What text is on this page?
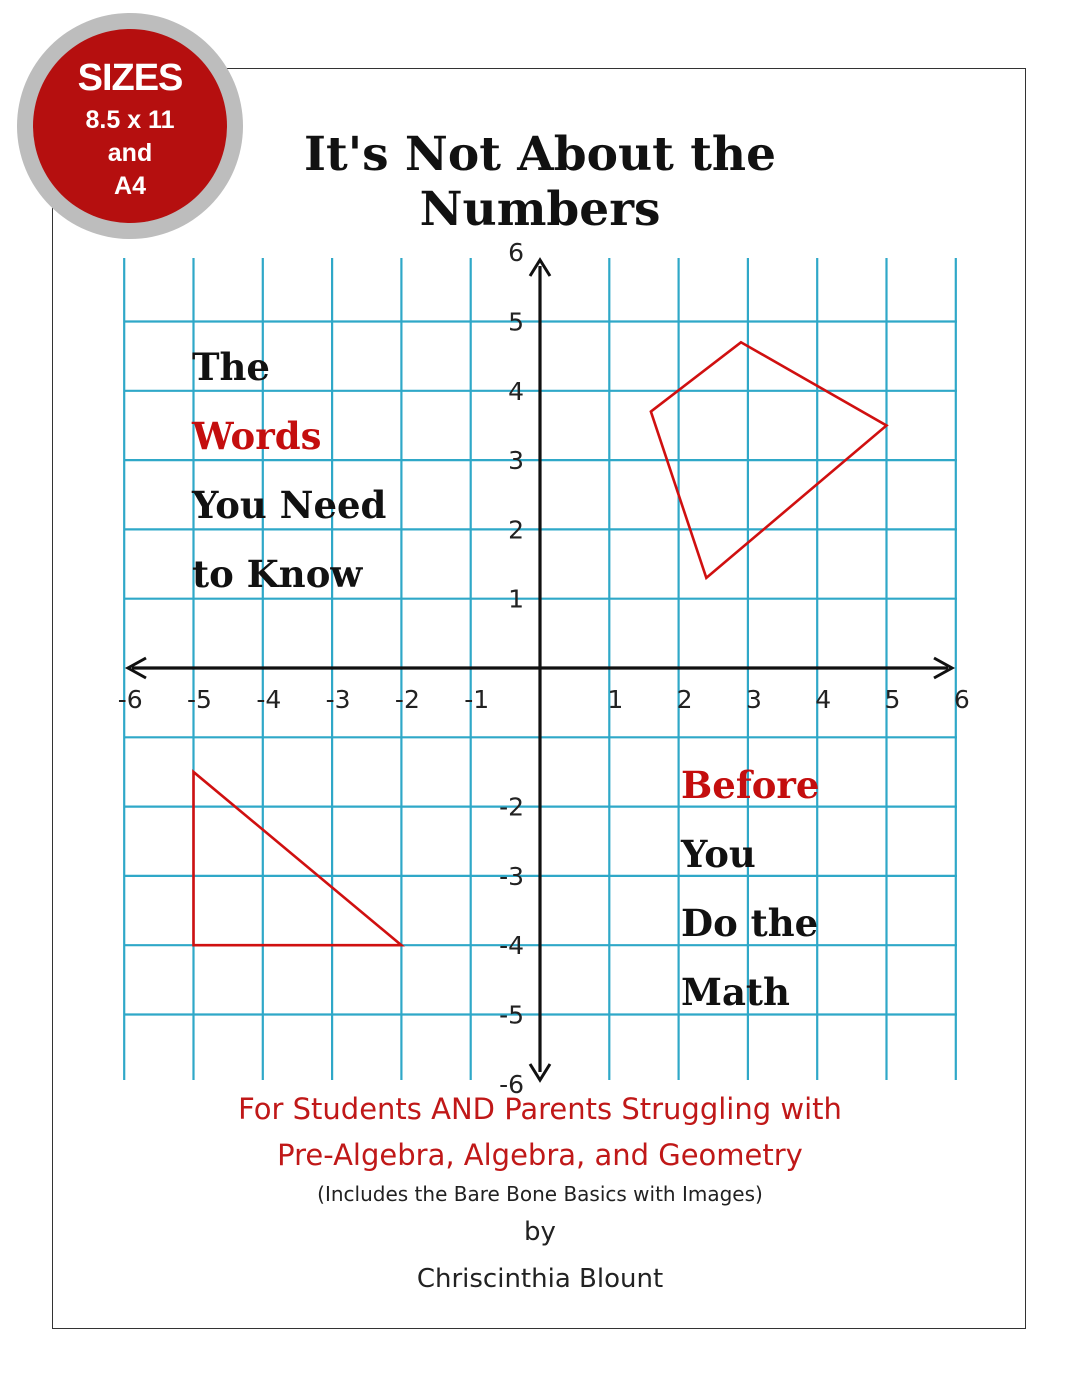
-6 -5 -4 -3 -2 -1	1 2 3 4 5 6
6
5
4
3
2
1
-2
-3
-4
-5
-6
SIZES
8.5 x 11
and
A4
It's Not About the
Numbers
The
Words
You Need
to Know
Before
You
Do the
Math
For Students AND Parents Struggling with
Pre-Algebra, Algebra, and Geometry
(Includes the Bare Bone Basics with Images)
by
Chriscinthia Blount
